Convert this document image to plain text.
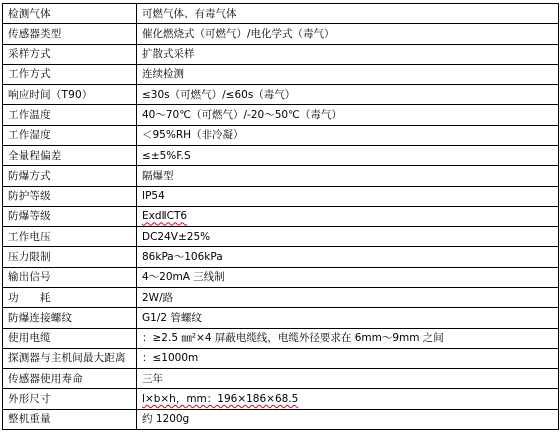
检测气体	可燃气体、有毒气体
传感器类型	催化燃烧式（可燃气）/电化学式（毒气）
采样方式	扩散式采样
工作方式	连续检测
响应时间（T90）	≤30s（可燃气）/≤60s（毒气）
工作温度	40～70℃（可燃气）/-20～50℃（毒气）
工作湿度	＜95%RH（非冷凝）
全量程偏差	≤±5%F.S
防爆方式	隔爆型
防护等级	IP54
防爆等级	ExdⅡCT6
工作电压	DC24V±25%
压力限制	86kPa～106kPa
输出信号	4～20mA 三线制
功      耗	2W/路
防爆连接螺纹	G1/2 管螺纹
使用电缆	：≥2.5 ㎜²×4 屏蔽电缆线，电缆外径要求在 6mm～9mm 之间
探测器与主机间最大距离	：≤1000m
传感器使用寿命	三年
外形尺寸	l×b×h，mm：196×186×68.5
整机重量	约 1200g
